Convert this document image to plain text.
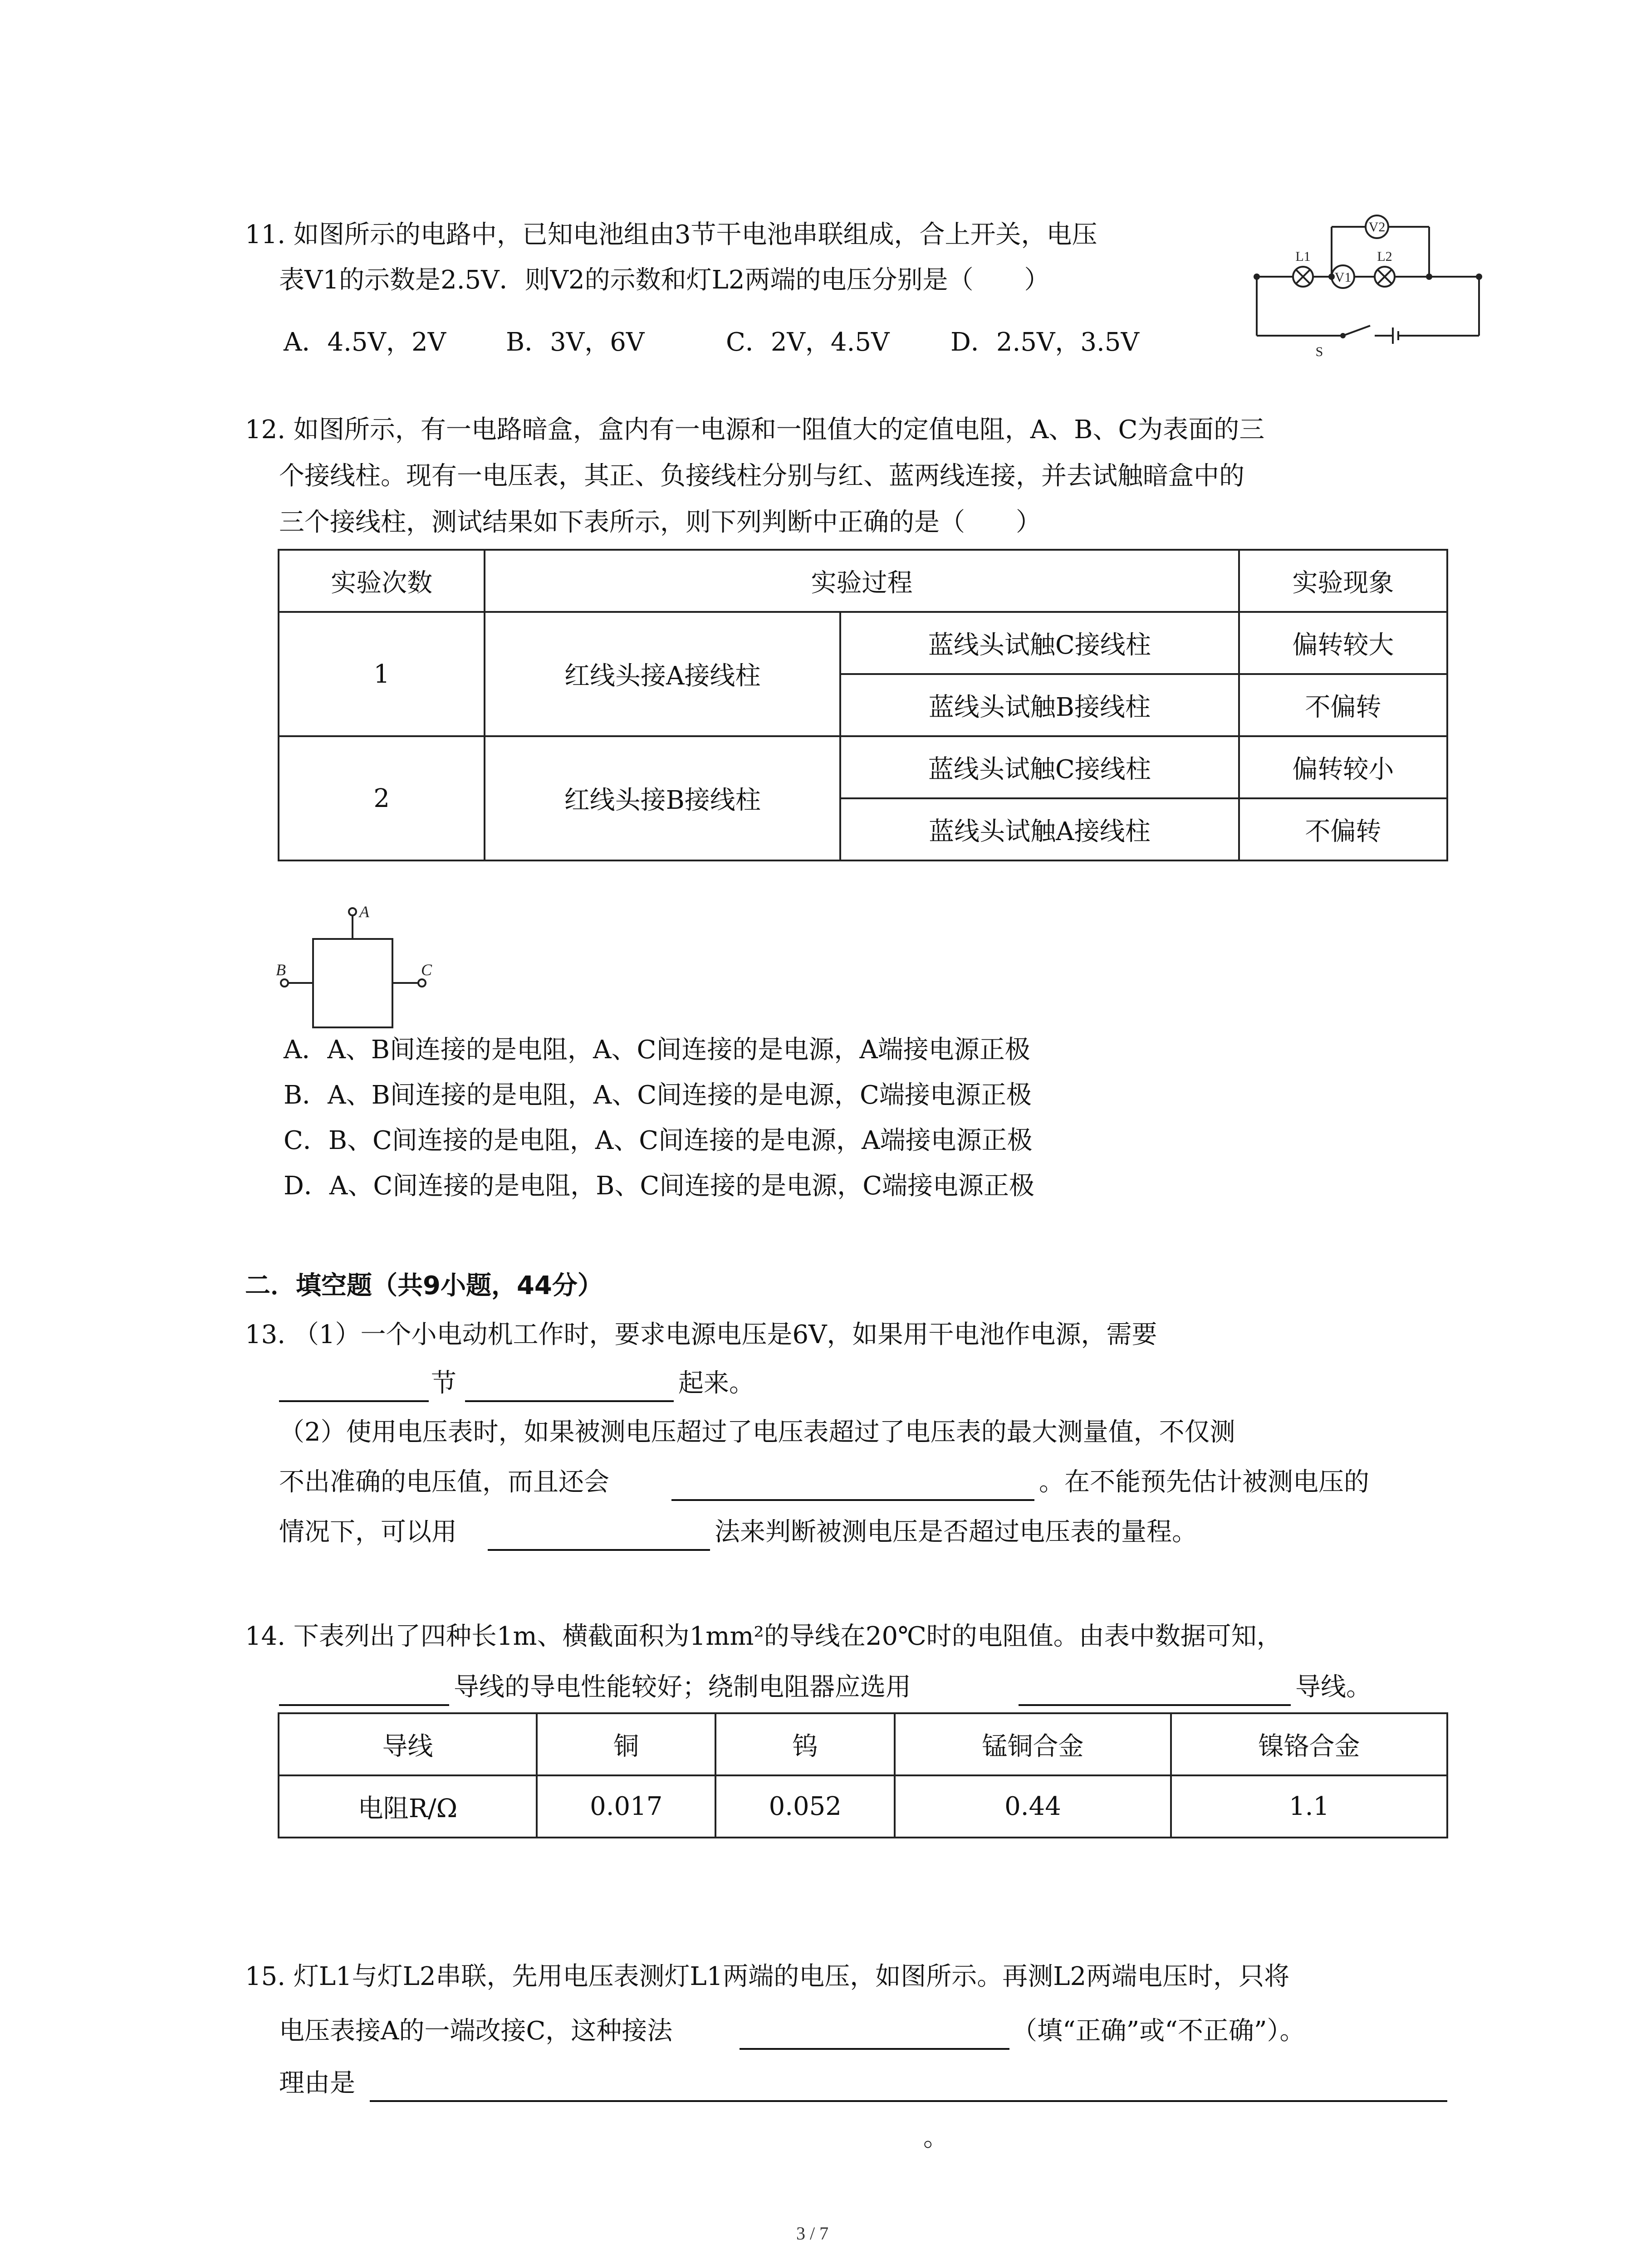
11. 如图所示的电路中，已知电池组由3节干电池串联组成，合上开关，电压
表V1的示数是2.5V．则V2的示数和灯L2两端的电压分别是（　　）
A．4.5V，2V B．3V，6V	C．2V，4.5V D．2.5V，3.5V
V2
V1
L1	L2
S
12. 如图所示，有一电路暗盒，盒内有一电源和一阻值大的定值电阻，A、B、C为表面的三
个接线柱。现有一电压表，其正、负接线柱分别与红、蓝两线连接，并去试触暗盒中的
三个接线柱，测试结果如下表所示，则下列判断中正确的是（　　）
实验次数	实验过程		实验现象
1	红线头接A接线柱	蓝线头试触C接线柱	偏转较大
		蓝线头试触B接线柱	不偏转
2	红线头接B接线柱	蓝线头试触C接线柱	偏转较小
		蓝线头试触A接线柱	不偏转
A
B	C
A．A、B间连接的是电阻，A、C间连接的是电源，A端接电源正极
B．A、B间连接的是电阻，A、C间连接的是电源，C端接电源正极
C．B、C间连接的是电阻，A、C间连接的是电源，A端接电源正极
D．A、C间连接的是电阻，B、C间连接的是电源，C端接电源正极
二．填空题（共9小题，44分）
13. （1）一个小电动机工作时，要求电源电压是6V，如果用干电池作电源，需要
节	起来。
（2）使用电压表时，如果被测电压超过了电压表超过了电压表的最大测量值，不仅测
不出准确的电压值，而且还会	。在不能预先估计被测电压的
情况下，可以用	法来判断被测电压是否超过电压表的量程。
14. 下表列出了四种长1m、横截面积为1mm²的导线在20℃时的电阻值。由表中数据可知，
导线的导电性能较好；绕制电阻器应选用	导线。
导线	铜	钨	锰铜合金	镍铬合金
电阻R/Ω	0.017	0.052	0.44	1.1
15. 灯L1与灯L2串联，先用电压表测灯L1两端的电压，如图所示。再测L2两端电压时，只将
电压表接A的一端改接C，这种接法	（填“正确”或“不正确”）。
理由是
。
3 / 7
